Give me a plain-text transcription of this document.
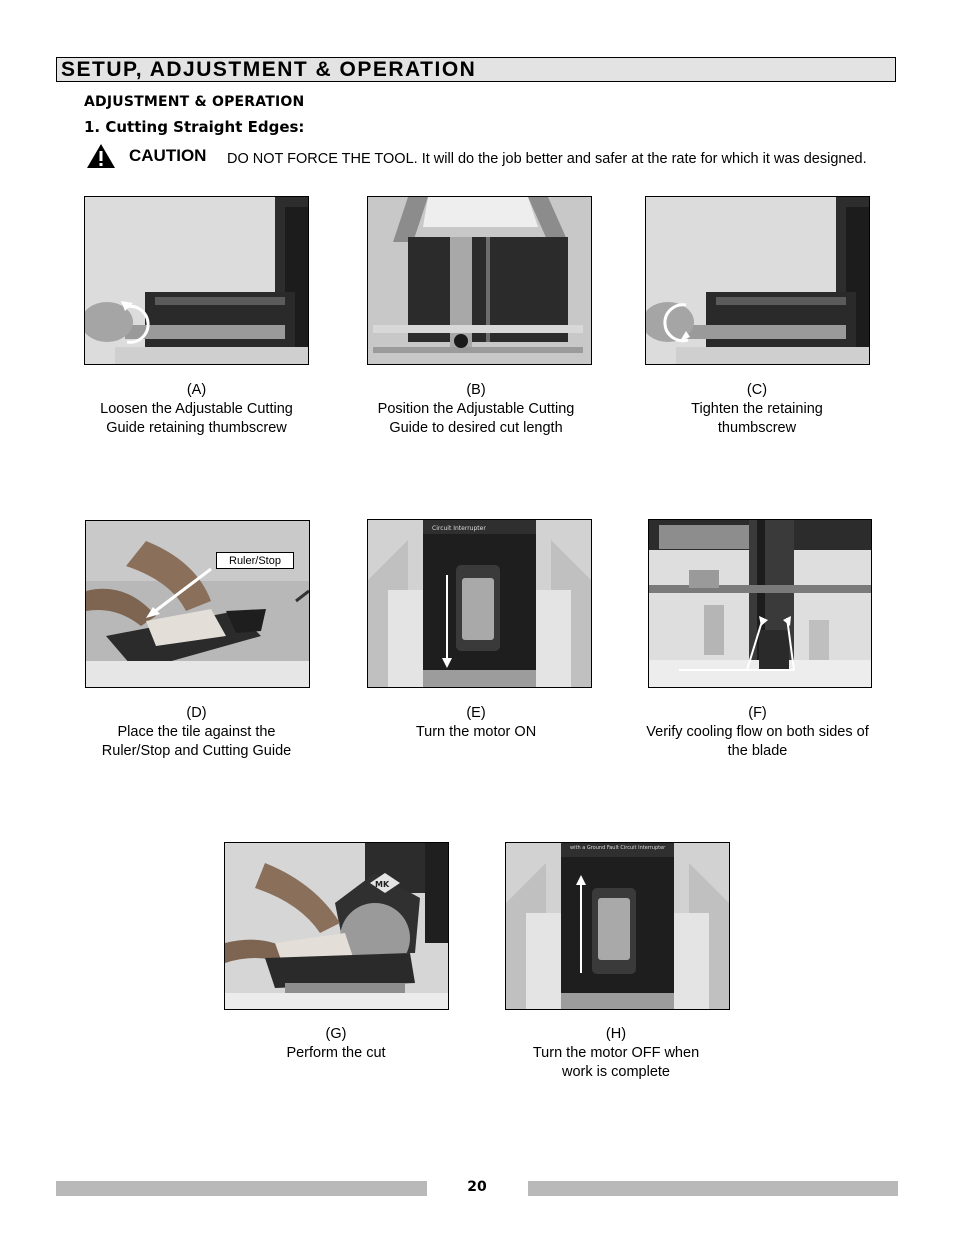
SETUP, ADJUSTMENT & OPERATION
ADJUSTMENT & OPERATION
1. Cutting Straight Edges:
CAUTION DO NOT FORCE THE TOOL. It will do the job better and safer at the rate for which it was designed.
(A)
Loosen the Adjustable Cutting Guide retaining thumbscrew
(B)
Position the Adjustable Cutting Guide to desired cut length
(C)
Tighten the retaining thumbscrew
Ruler/Stop
Circuit Interrupter
(D)
Place the tile against the Ruler/Stop and Cutting Guide
(E)
Turn the motor ON
(F)
Verify cooling flow on both sides of the blade
MK
with a Ground Fault Circuit Interrupter
(G)
Perform the cut
(H)
Turn the motor OFF when work is complete
20
